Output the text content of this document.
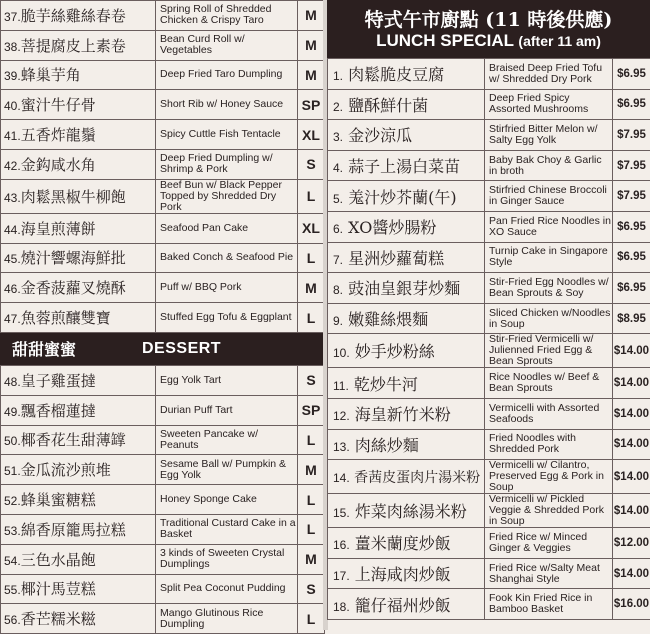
37.脆芋絲雞絲春卷	Spring Roll of Shredded Chicken & Crispy Taro	M
38.菩提腐皮上素卷	Bean Curd Roll w/ Vegetables	M
39.蜂巢芋角	Deep Fried Taro Dumpling	M
40.蜜汁牛仔骨	Short Rib w/ Honey Sauce	SP
41.五香炸龍鬚	Spicy Cuttle Fish Tentacle	XL
42.金鈎咸水角	Deep Fried Dumpling w/ Shrimp & Pork	S
43.肉鬆黑椒牛柳飽	Beef Bun w/ Black Pepper Topped by Shredded Dry Pork	L
44.海皇煎薄餅	Seafood Pan Cake	XL
45.燒汁響螺海鮮批	Baked Conch & Seafood Pie	L
46.金香菠蘿叉燒酥	Puff w/ BBQ Pork	M
47.魚蓉煎釀雙寶	Stuffed Egg Tofu & Eggplant	L
甜甜蜜蜜	DESSERT
48.皇子雞蛋撻	Egg Yolk Tart	S
49.飄香榴蓮撻	Durian Puff Tart	SP
50.椰香花生甜薄罉	Sweeten Pancake w/ Peanuts	L
51.金瓜流沙煎堆	Sesame Ball w/ Pumpkin & Egg Yolk	M
52.蜂巢蜜糖糕	Honey Sponge Cake	L
53.綿香原籠馬拉糕	Traditional Custard Cake in a Basket	L
54.三色水晶飽	3 kinds of Sweeten Crystal Dumplings	M
55.椰汁馬荳糕	Split Pea Coconut Pudding	S
56.香芒糯米糍	Mango Glutinous Rice Dumpling	L
特式午市廚點 (11 時後供應)
LUNCH SPECIAL (after 11 am)
1. 肉鬆脆皮豆腐	Braised Deep Fried Tofu w/ Shredded Dry Pork	$6.95
2. 鹽酥鮮什菌	Deep Fried Spicy Assorted Mushrooms	$6.95
3. 金沙涼瓜	Stirfried Bitter Melon w/ Salty Egg Yolk	$7.95
4. 蒜子上湯白菜苗	Baby Bak Choy & Garlic in broth	$7.95
5. 羗汁炒芥蘭(午)	Stirfried Chinese Broccoli in Ginger Sauce	$7.95
6. XO醬炒腸粉	Pan Fried Rice Noodles in XO Sauce	$6.95
7. 星洲炒蘿蔔糕	Turnip Cake in Singapore Style	$6.95
8. 豉油皇銀芽炒麵	Stir-Fried Egg Noodles w/ Bean Sprouts & Soy	$6.95
9. 嫩雞絲煨麵	Sliced Chicken w/Noodles in Soup	$8.95
10. 妙手炒粉絲	Stir-Fried Vermicelli w/ Julienned Fried Egg & Bean Sprouts	$14.00
11. 乾炒牛河	Rice Noodles w/ Beef & Bean Sprouts	$14.00
12. 海皇新竹米粉	Vermicelli with Assorted Seafoods	$14.00
13. 肉絲炒麵	Fried Noodles with Shredded Pork	$14.00
14. 香茜皮蛋肉片湯米粉	Vermicelli w/ Cilantro, Preserved Egg & Pork in Soup	$14.00
15. 炸菜肉絲湯米粉	Vermicelli w/ Pickled Veggie & Shredded Pork in Soup	$14.00
16. 薑米蘭度炒飯	Fried Rice w/ Minced Ginger & Veggies	$12.00
17. 上海咸肉炒飯	Fried Rice w/Salty Meat Shanghai Style	$14.00
18. 籠仔福州炒飯	Fook Kin Fried Rice in Bamboo Basket	$16.00
